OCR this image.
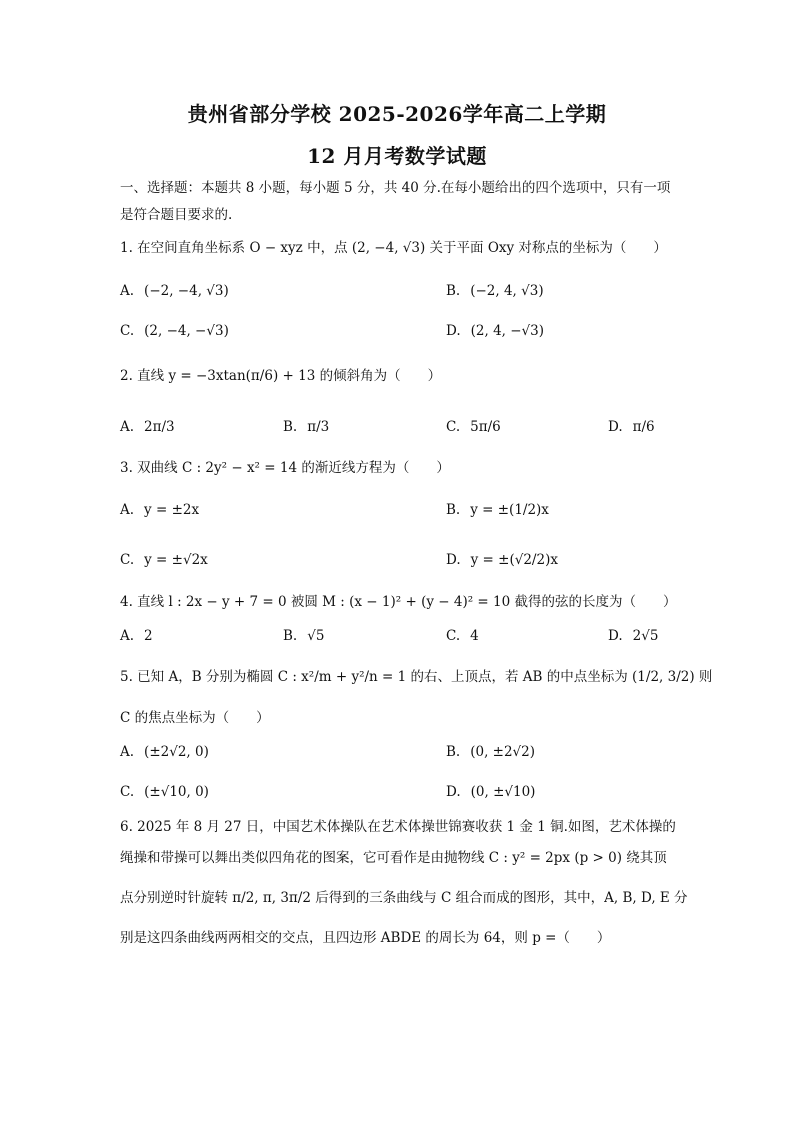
贵州省部分学校 2025-2026学年高二上学期
12 月月考数学试题
一、选择题：本题共 8 小题，每小题 5 分，共 40 分.在每小题给出的四个选项中，只有一项
是符合题目要求的.
1. 在空间直角坐标系 O − xyz 中，点 (2, −4, √3) 关于平面 Oxy 对称点的坐标为（　　）
A. (−2, −4, √3)	B. (−2, 4, √3)
C. (2, −4, −√3)	D. (2, 4, −√3)
2. 直线 y = −3xtan(π/6) + 13 的倾斜角为（　　）
A. 2π/3	B. π/3	C. 5π/6	D. π/6
3. 双曲线 C : 2y² − x² = 14 的渐近线方程为（　　）
A. y = ±2x	B. y = ±(1/2)x
C. y = ±√2x	D. y = ±(√2/2)x
4. 直线 l : 2x − y + 7 = 0 被圆 M : (x − 1)² + (y − 4)² = 10 截得的弦的长度为（　　）
A. 2	B. √5	C. 4	D. 2√5
5. 已知 A，B 分别为椭圆 C : x²/m + y²/n = 1 的右、上顶点，若 AB 的中点坐标为 (1/2, 3/2) 则
C 的焦点坐标为（　　）
A. (±2√2, 0)	B. (0, ±2√2)
C. (±√10, 0)	D. (0, ±√10)
6. 2025 年 8 月 27 日，中国艺术体操队在艺术体操世锦赛收获 1 金 1 铜.如图，艺术体操的
绳操和带操可以舞出类似四角花的图案，它可看作是由抛物线 C : y² = 2px (p > 0) 绕其顶
点分别逆时针旋转 π/2, π, 3π/2 后得到的三条曲线与 C 组合而成的图形，其中，A, B, D, E 分
别是这四条曲线两两相交的交点，且四边形 ABDE 的周长为 64，则 p =（　　）
